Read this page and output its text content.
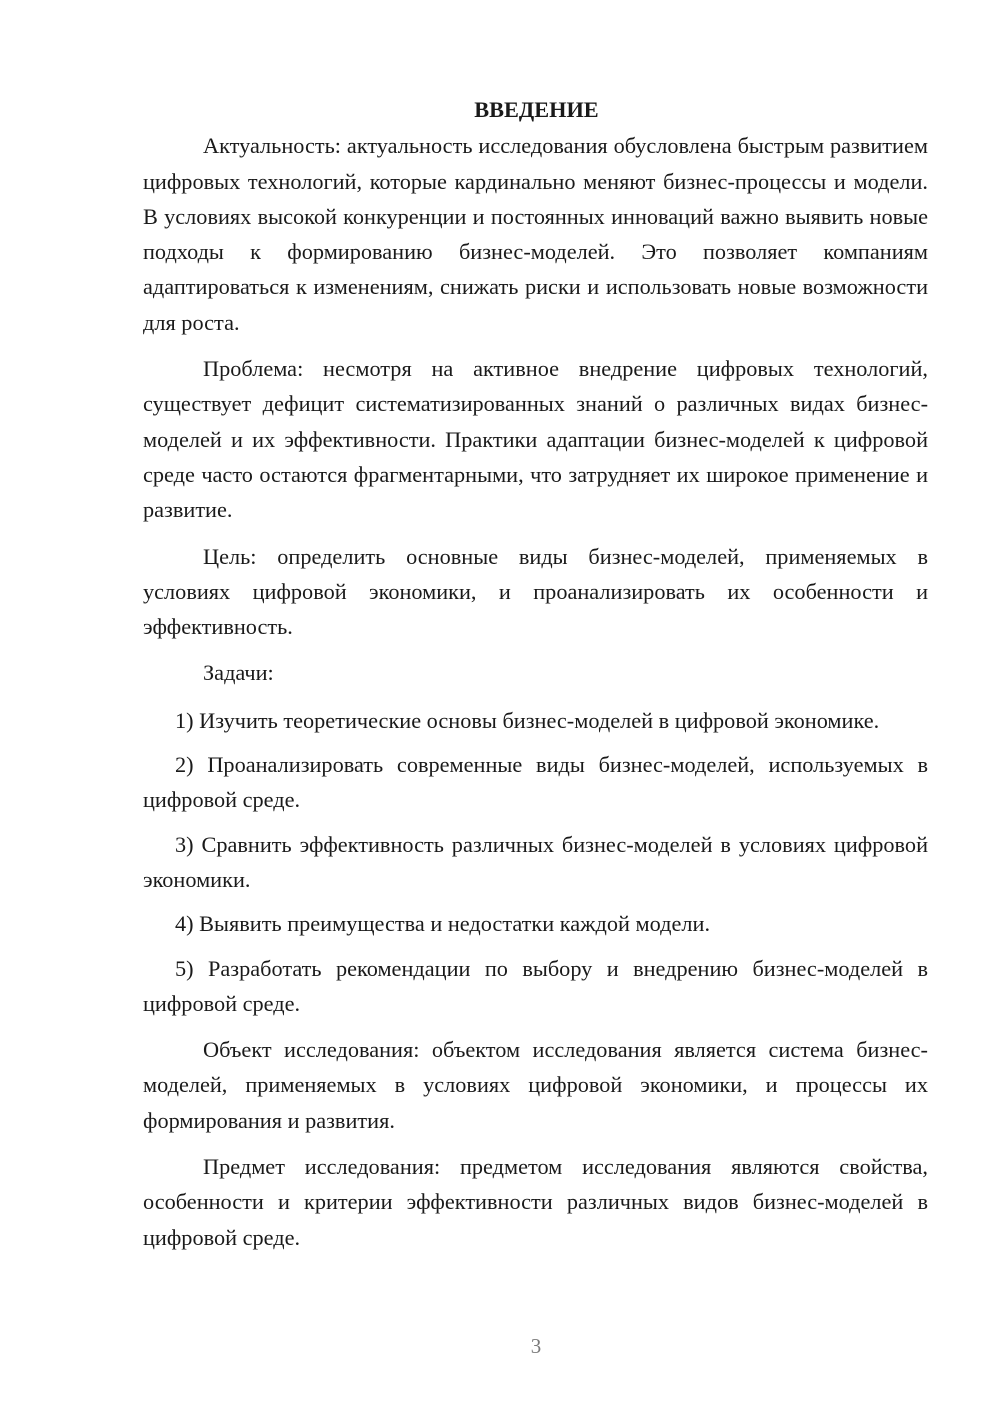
ВВЕДЕНИЕ

Актуальность: актуальность исследования обусловлена быстрым развитием цифровых технологий, которые кардинально меняют бизнес-процессы и модели. В условиях высокой конкуренции и постоянных инноваций важно выявить новые подходы к формированию бизнес-моделей. Это позволяет компаниям адаптироваться к изменениям, снижать риски и использовать новые возможности для роста.

Проблема: несмотря на активное внедрение цифровых технологий, существует дефицит систематизированных знаний о различных видах бизнес-моделей и их эффективности. Практики адаптации бизнес-моделей к цифровой среде часто остаются фрагментарными, что затрудняет их широкое применение и развитие.

Цель: определить основные виды бизнес-моделей, применяемых в условиях цифровой экономики, и проанализировать их особенности и эффективность.

Задачи:

1) Изучить теоретические основы бизнес-моделей в цифровой экономике.

2) Проанализировать современные виды бизнес-моделей, используемых в цифровой среде.

3) Сравнить эффективность различных бизнес-моделей в условиях цифровой экономики.

4) Выявить преимущества и недостатки каждой модели.

5) Разработать рекомендации по выбору и внедрению бизнес-моделей в цифровой среде.

Объект исследования: объектом исследования является система бизнес-моделей, применяемых в условиях цифровой экономики, и процессы их формирования и развития.

Предмет исследования: предметом исследования являются свойства, особенности и критерии эффективности различных видов бизнес-моделей в цифровой среде.

3
